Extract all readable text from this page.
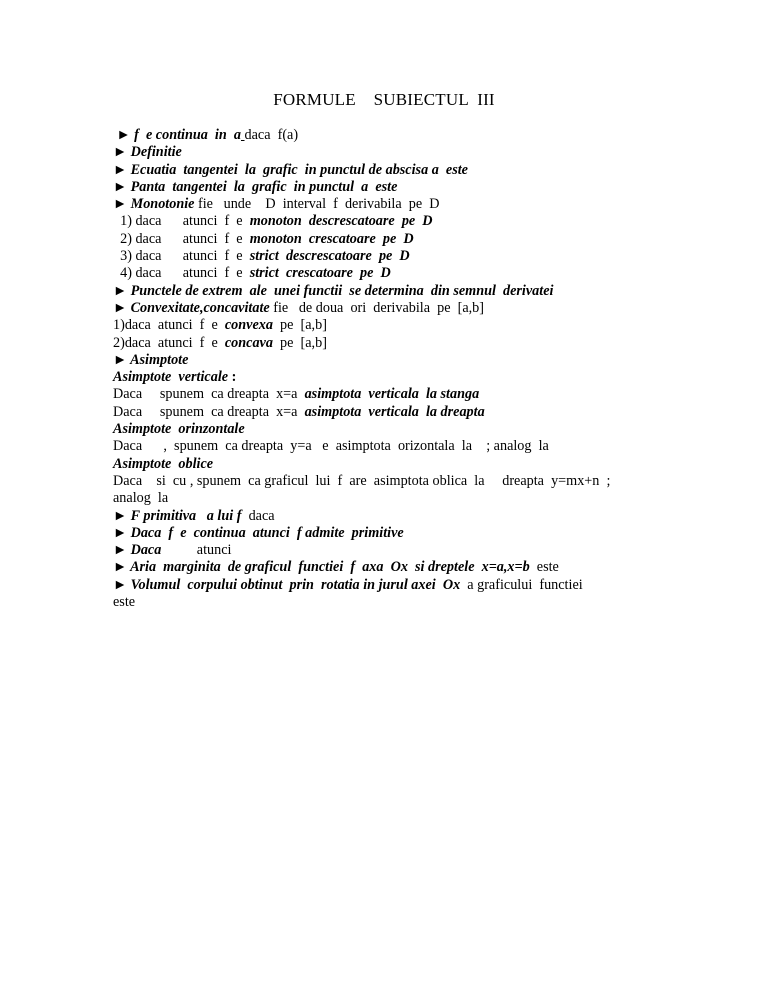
FORMULE    SUBIECTUL  III
► f  e continua  in  a daca  f(a)
► Definitie
► Ecuatia  tangentei  la  grafic  in punctul de abscisa a  este
► Panta  tangentei  la  grafic  in punctul  a  este
► Monotonie fie   unde    D  interval  f  derivabila  pe  D
1) daca      atunci  f  e  monoton  descrescatoare  pe  D
2) daca      atunci  f  e  monoton  crescatoare  pe  D
3) daca      atunci  f  e  strict  descrescatoare  pe  D
4) daca      atunci  f  e  strict  crescatoare  pe  D
► Punctele de extrem  ale  unei functii  se determina  din semnul  derivatei
► Convexitate,concavitate fie   de doua  ori  derivabila  pe  [a,b]
1)daca  atunci  f  e  convexa  pe  [a,b]
2)daca  atunci  f  e  concava  pe  [a,b]
► Asimptote
Asimptote  verticale :
Daca     spunem  ca dreapta  x=a  asimptota  verticala  la stanga
Daca     spunem  ca dreapta  x=a  asimptota  verticala  la dreapta
Asimptote  orinzontale
Daca      ,  spunem  ca dreapta  y=a   e  asimptota  orizontala  la    ; analog  la
Asimptote  oblice
Daca    si  cu , spunem  ca graficul  lui  f  are  asimptota oblica  la     dreapta  y=mx+n  ;
analog  la
► F primitiva   a lui f  daca
► Daca  f  e  continua  atunci  f admite  primitive
► Daca          atunci
► Aria  marginita  de graficul  functiei  f  axa  Ox  si dreptele  x=a,x=b  este
► Volumul  corpului obtinut  prin  rotatia in jurul axei  Ox  a graficului  functiei
este
